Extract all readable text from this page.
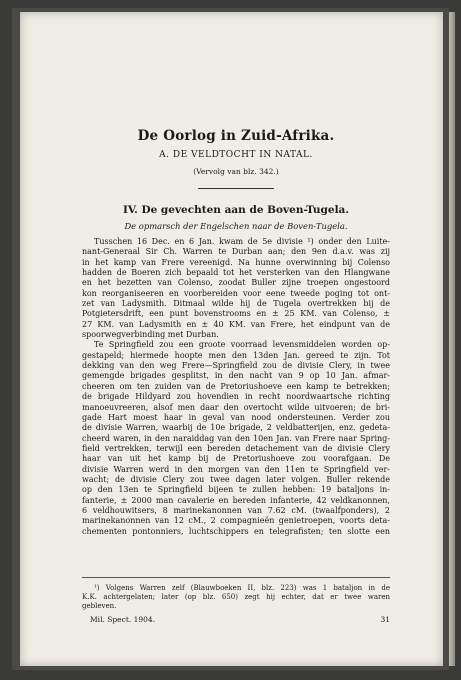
De Oorlog in Zuid-Afrika.
A. DE VELDTOCHT IN NATAL.
(Vervolg van blz. 342.)
IV. De gevechten aan de Boven-Tugela.
De opmarsch der Engelschen naar de Boven-Tugela.
Tusschen 16 Dec. en 6 Jan. kwam de 5e divisie ¹) onder den Luite-
nant-Generaal Sir Ch. Warren te Durban aan; den 9en d.a.v. was zij
in het kamp van Frere vereenigd. Na hunne overwinning bij Colenso
hadden de Boeren zich bepaald tot het versterken van den Hlangwane
en het bezetten van Colenso, zoodat Buller zijne troepen ongestoord
kon reorganiseeren en voorbereiden voor eene tweede poging tot ont-
zet van Ladysmith. Ditmaal wilde hij de Tugela overtrekken bij de
Potgietersdrift, een punt bovenstrooms en ± 25 KM. van Colenso, ±
27 KM. van Ladysmith en ± 40 KM. van Frere, het eindpunt van de
spoorwegverbinding met Durban.
Te Springfield zou een groote voorraad levensmiddelen worden op-
gestapeld; hiermede hoopte men den 13den Jan. gereed te zijn. Tot
dekking van den weg Frere—Springfield zou de divisie Clery, in twee
gemengde brigades gesplitst, in den nacht van 9 op 10 Jan. afmar-
cheeren om ten zuiden van de Pretoriushoeve een kamp te betrekken;
de brigade Hildyard zou hovendien in recht noordwaartsche richting
manoeuvreeren, alsof men daar den overtocht wilde uitvoeren; de bri-
gade Hart moest haar in geval van nood ondersteunen. Verder zou
de divisie Warren, waarbij de 10e brigade, 2 veldbatterijen, enz. gedeta-
cheerd waren, in den naraiddag van den 10en Jan. van Frere naar Spring-
field vertrekken, terwijl een bereden detachement van de divisie Clery
haar van uit het kamp bij de Pretoriushoeve zou voorafgaan. De
divisie Warren werd in den morgen van den 11en te Springfield ver-
wacht; de divisie Clery zou twee dagen later volgen. Buller rekende
op den 13en te Springfield bijeen te zullen hebben: 19 bataljons in-
fanterie, ± 2000 man cavalerie en bereden infanterie, 42 veldkanonnen,
6 veldhouwitsers, 8 marinekanonnen van 7.62 cM. (twaalfponders), 2
marinekanonnen van 12 cM., 2 compagnieën genietroepen, voorts deta-
chementen pontonniers, luchtschippers en telegrafisten; ten slotte een
¹) Volgens Warren zelf (Blauwboeken II, blz. 223) was 1 bataljon in de
K.K. achtergelaten; later (op blz. 650) zegt hij echter, dat er twee waren
gebleven.
Mil. Spect. 1904.	31
